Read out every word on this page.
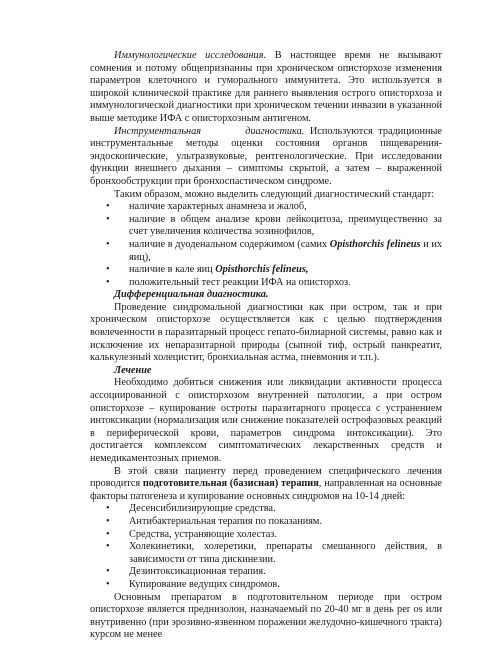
Иммунологические исследования. В настоящее время не вызывают сомнения и потому общепризнанны при хроническом описторхозе изменения параметров клеточного и гуморального иммунитета. Это используется в широкой клинической практике для раннего выявления острого описторхоза и иммунологической диагностики при хроническом течении инвазии в указанной выше методике ИФА с описторхозным антигеном.

Инструментальная        диагностика. Используются традиционные инструментальные методы оценки состояния органов пищеварения-эндоскопические, ультразвуковые, рентгенологические. При исследовании функции внешнего дыхания – симптомы скрытой, а затем – выраженной бронхообструкции при бронхоспастическом синдроме.

Таким образом, можно выделить следующий диагностический стандарт:

• наличие характерных анамнеза и жалоб,
• наличие в общем анализе крови лейкоцитоза, преимущественно за счет увеличения количества эозинофилов,
• наличие в дуоденальном содержимом (самих Opisthorchis felineus и их яиц),
• наличие в кале яиц Opisthorchis felineus,
• положительный тест реакции ИФА на описторхоз.

Дифференциальная диагностика.

Проведение синдромальной диагностики как при остром, так и при хроническом описторхозе осуществляется как с целью подтверждения вовлеченности в паразитарный процесс гепато-билиарной системы, равно как и исключение их непаразитарной природы (сыпной тиф, острый панкреатит, калькулезный холецистит, бронхиальная астма, пневмония и т.п.).

Лечение

Необходимо добиться снижения или ликвидации активности процесса ассоциированной с описторхозом внутренней патологии, а при остром описторхозе – купирование остроты паразитарного процесса с устранением интоксикации (нормализация или снижение показателей острофазовых реакций в периферической крови, параметров синдрома интоксикации). Это достигается комплексом симптоматических лекарственных средств и немедикаментозных приемов.

В этой связи пациенту перед проведением специфического лечения проводится подготовительная (базисная) терапия, направленная на основные факторы патогенеза и купирование основных синдромов на 10-14 дней:

• Десенсибилизирующие средства.
• Антибактериальная терапия по показаниям.
• Средства, устраняющие холестаз.
• Холекинетики, холеретики, препараты смешанного действия, в зависимости от типа дискинезии.
• Дезинтоксикационная терапия.
• Купирование ведущих синдромов.

Основным препаратом в подготовительном периоде при остром описторхозе является преднизолон, назначаемый по 20-40 мг в день per os или внутривенно (при эрозивно-язвенном поражении желудочно-кишечного тракта) курсом не менее
